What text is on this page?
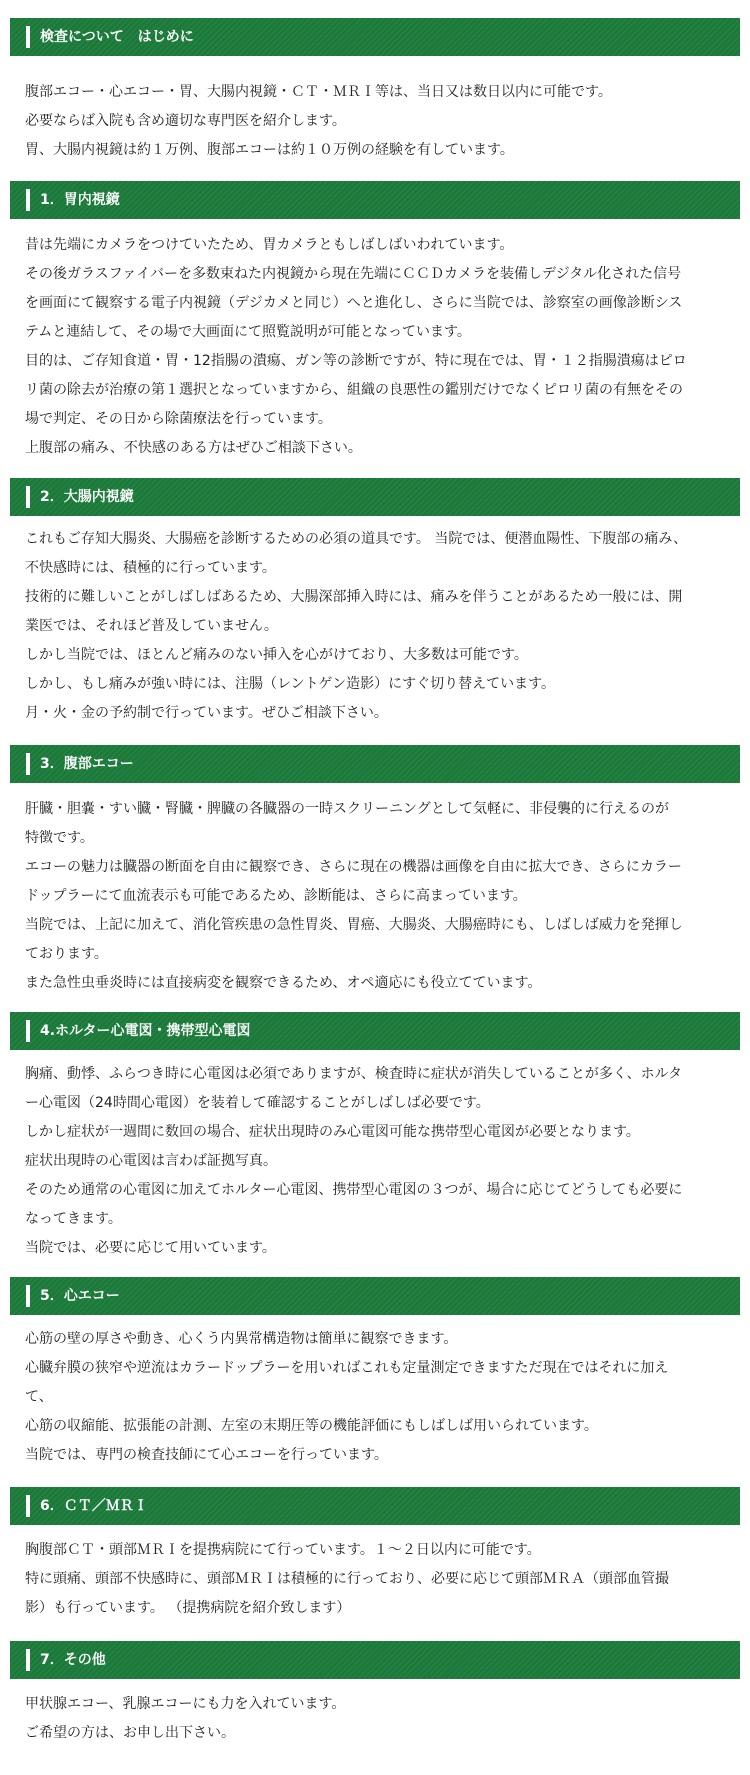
検査について　はじめに

腹部エコー・心エコー・胃、大腸内視鏡・ＣＴ・ＭＲＩ等は、当日又は数日以内に可能です。

必要ならば入院も含め適切な専門医を紹介します。

胃、大腸内視鏡は約１万例、腹部エコーは約１０万例の経験を有しています。

1．胃内視鏡

昔は先端にカメラをつけていたため、胃カメラともしばしばいわれています。

その後ガラスファイバーを多数束ねた内視鏡から現在先端にＣＣＤカメラを装備しデジタル化された信号

を画面にて観察する電子内視鏡（デジカメと同じ）へと進化し、さらに当院では、診察室の画像診断シス

テムと連結して、その場で大画面にて照覧説明が可能となっています。

目的は、ご存知食道・胃・12指腸の潰瘍、ガン等の診断ですが、特に現在では、胃・１２指腸潰瘍はピロ

リ菌の除去が治療の第１選択となっていますから、組織の良悪性の鑑別だけでなくピロリ菌の有無をその

場で判定、その日から除菌療法を行っています。

上腹部の痛み、不快感のある方はぜひご相談下さい。

2．大腸内視鏡

これもご存知大腸炎、大腸癌を診断するための必須の道具です。 当院では、便潜血陽性、下腹部の痛み、

不快感時には、積極的に行っています。

技術的に難しいことがしばしばあるため、大腸深部挿入時には、痛みを伴うことがあるため一般には、開

業医では、それほど普及していません。

しかし当院では、ほとんど痛みのない挿入を心がけており、大多数は可能です。

しかし、もし痛みが強い時には、注腸（レントゲン造影）にすぐ切り替えています。

月・火・金の予約制で行っています。ぜひご相談下さい。

3．腹部エコー

肝臓・胆嚢・すい臓・腎臓・脾臓の各臓器の一時スクリーニングとして気軽に、非侵襲的に行えるのが

特徴です。

エコーの魅力は臓器の断面を自由に観察でき、さらに現在の機器は画像を自由に拡大でき、さらにカラー

ドップラーにて血流表示も可能であるため、診断能は、さらに高まっています。

当院では、上記に加えて、消化管疾患の急性胃炎、胃癌、大腸炎、大腸癌時にも、しばしば威力を発揮し

ております。

また急性虫垂炎時には直接病変を観察できるため、オペ適応にも役立てています。

4.ホルター心電図・携帯型心電図

胸痛、動悸、ふらつき時に心電図は必須でありますが、検査時に症状が消失していることが多く、ホルタ

ー心電図（24時間心電図）を装着して確認することがしばしば必要です。

しかし症状が一週間に数回の場合、症状出現時のみ心電図可能な携帯型心電図が必要となります。

症状出現時の心電図は言わば証拠写真。

そのため通常の心電図に加えてホルター心電図、携帯型心電図の３つが、場合に応じてどうしても必要に

なってきます。

当院では、必要に応じて用いています。

5．心エコー

心筋の壁の厚さや動き、心くう内異常構造物は簡単に観察できます。

心臓弁膜の狭窄や逆流はカラードップラーを用いればこれも定量測定できますただ現在ではそれに加え

て、

心筋の収縮能、拡張能の計測、左室の末期圧等の機能評価にもしばしば用いられています。

当院では、専門の検査技師にて心エコーを行っています。

6．ＣＴ／ＭＲＩ

胸腹部ＣＴ・頭部ＭＲＩを提携病院にて行っています。１〜２日以内に可能です。

特に頭痛、頭部不快感時に、頭部ＭＲＩは積極的に行っており、必要に応じて頭部ＭＲＡ（頭部血管撮

影）も行っています。 （提携病院を紹介致します）

7．その他

甲状腺エコー、乳腺エコーにも力を入れています。

ご希望の方は、お申し出下さい。
